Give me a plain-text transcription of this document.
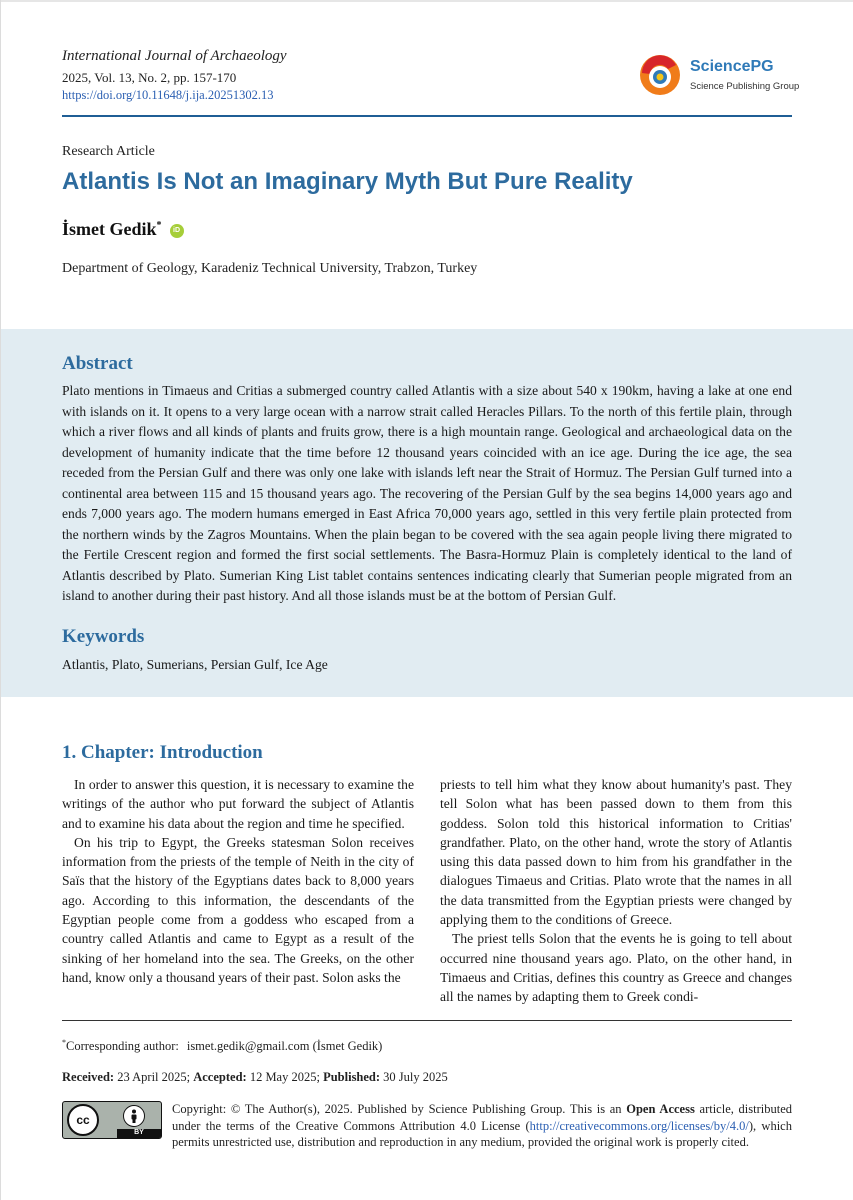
International Journal of Archaeology
2025, Vol. 13, No. 2, pp. 157-170
https://doi.org/10.11648/j.ija.20251302.13
SciencePG
Science Publishing Group
Research Article
Atlantis Is Not an Imaginary Myth But Pure Reality
İsmet Gedik* iD
Department of Geology, Karadeniz Technical University, Trabzon, Turkey
Abstract

Plato mentions in Timaeus and Critias a submerged country called Atlantis with a size about 540 x 190km, having a lake at one end with islands on it. It opens to a very large ocean with a narrow strait called Heracles Pillars. To the north of this fertile plain, through which a river flows and all kinds of plants and fruits grow, there is a high mountain range. Geological and archaeological data on the development of humanity indicate that the time before 12 thousand years coincided with an ice age. During the ice age, the sea receded from the Persian Gulf and there was only one lake with islands left near the Strait of Hormuz. The Persian Gulf turned into a continental area between 115 and 15 thousand years ago. The recovering of the Persian Gulf by the sea begins 14,000 years ago and ends 7,000 years ago. The modern humans emerged in East Africa 70,000 years ago, settled in this very fertile plain protected from the northern winds by the Zagros Mountains. When the plain began to be covered with the sea again people living there migrated to the Fertile Crescent region and formed the first social settlements. The Basra-Hormuz Plain is completely identical to the land of Atlantis described by Plato. Sumerian King List tablet contains sentences indicating clearly that Sumerian people migrated from an island to another during their past history. And all those islands must be at the bottom of Persian Gulf.

Keywords
Atlantis, Plato, Sumerians, Persian Gulf, Ice Age
1. Chapter: Introduction

In order to answer this question, it is necessary to examine the writings of the author who put forward the subject of Atlantis and to examine his data about the region and time he specified.

On his trip to Egypt, the Greeks statesman Solon receives information from the priests of the temple of Neith in the city of Saïs that the history of the Egyptians dates back to 8,000 years ago. According to this information, the descendants of the Egyptian people come from a goddess who escaped from a country called Atlantis and came to Egypt as a result of the sinking of her homeland into the sea. The Greeks, on the other hand, know only a thousand years of their past. Solon asks the

priests to tell him what they know about humanity's past. They tell Solon what has been passed down to them from this goddess. Solon told this historical information to Critias' grandfather. Plato, on the other hand, wrote the story of Atlantis using this data passed down to him from his grandfather in the dialogues Timaeus and Critias. Plato wrote that the names in all the data transmitted from the Egyptian priests were changed by applying them to the conditions of Greece.

The priest tells Solon that the events he is going to tell about occurred nine thousand years ago. Plato, on the other hand, in Timaeus and Critias, defines this country as Greece and changes all the names by adapting them to Greek condi-

*Corresponding author: ismet.gedik@gmail.com (İsmet Gedik)
Received: 23 April 2025; Accepted: 12 May 2025; Published: 30 July 2025
cc
BY

Copyright: © The Author(s), 2025. Published by Science Publishing Group. This is an Open Access article, distributed under the terms of the Creative Commons Attribution 4.0 License (http://creativecommons.org/licenses/by/4.0/), which permits unrestricted use, distribution and reproduction in any medium, provided the original work is properly cited.
